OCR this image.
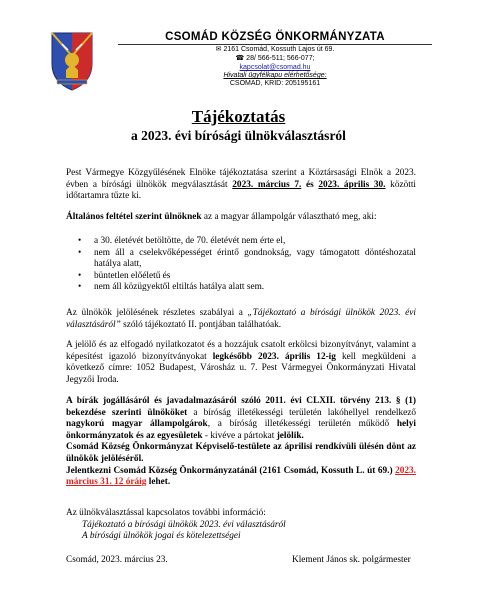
CSOMÁD KÖZSÉG ÖNKORMÁNYZATA
✉ 2161 Csomád, Kossuth Lajos út 69.
☎ 28/ 566-511; 566-077;
kapcsolat@csomad.hu
Hivatali ügyfélkapu elérhetősége:
CSOMAD, KRID: 205195161
Tájékoztatás
a 2023. évi bírósági ülnökválasztásról

Pest Vármegye Közgyűlésének Elnöke tájékoztatása szerint a Köztársasági Elnök a 2023. évben a bírósági ülnökök megválasztását 2023. március 7. és 2023. április 30. közötti időtartamra tűzte ki.

Általános feltétel szerint ülnöknek az a magyar állampolgár választható meg, aki:

• a 30. életévét betöltötte, de 70. életévét nem érte el,
• nem áll a cselekvőképességet érintő gondnokság, vagy támogatott döntéshozatal hatálya alatt,
• büntetlen előéletű és
• nem áll közügyektől eltiltás hatálya alatt sem.

Az ülnökök jelölésének részletes szabályai a „Tájékoztató a bírósági ülnökök 2023. évi választásáról” szóló tájékoztató II. pontjában találhatóak.

A jelölő és az elfogadó nyilatkozatot és a hozzájuk csatolt erkölcsi bizonyítványt, valamint a képesítést igazoló bizonyítványokat legkésőbb 2023. április 12-ig kell megküldeni a következő címre: 1052 Budapest, Városház u. 7. Pest Vármegyei Önkormányzati Hivatal Jegyzői Iroda.

A bírák jogállásáról és javadalmazásáról szóló 2011. évi CLXII. törvény 213. § (1) bekezdése szerinti ülnököket a bíróság illetékességi területén lakóhellyel rendelkező nagykorú magyar állampolgárok, a bíróság illetékességi területén működő helyi önkormányzatok és az egyesületek - kivéve a pártokat jelölik.

Csomád Község Önkormányzat Képviselő-testülete az áprilisi rendkívüli ülésén dönt az ülnökök jelöléséről.

Jelentkezni Csomád Község Önkormányzatánál (2161 Csomád, Kossuth L. út 69.) 2023. március 31. 12 óráig lehet.

Az ülnökválasztással kapcsolatos további információ:

Tájékoztató a bírósági ülnökök 2023. évi választásáról

A bírósági ülnökök jogai és kötelezettségei

Csomád, 2023. március 23.	Klement János sk. polgármester
